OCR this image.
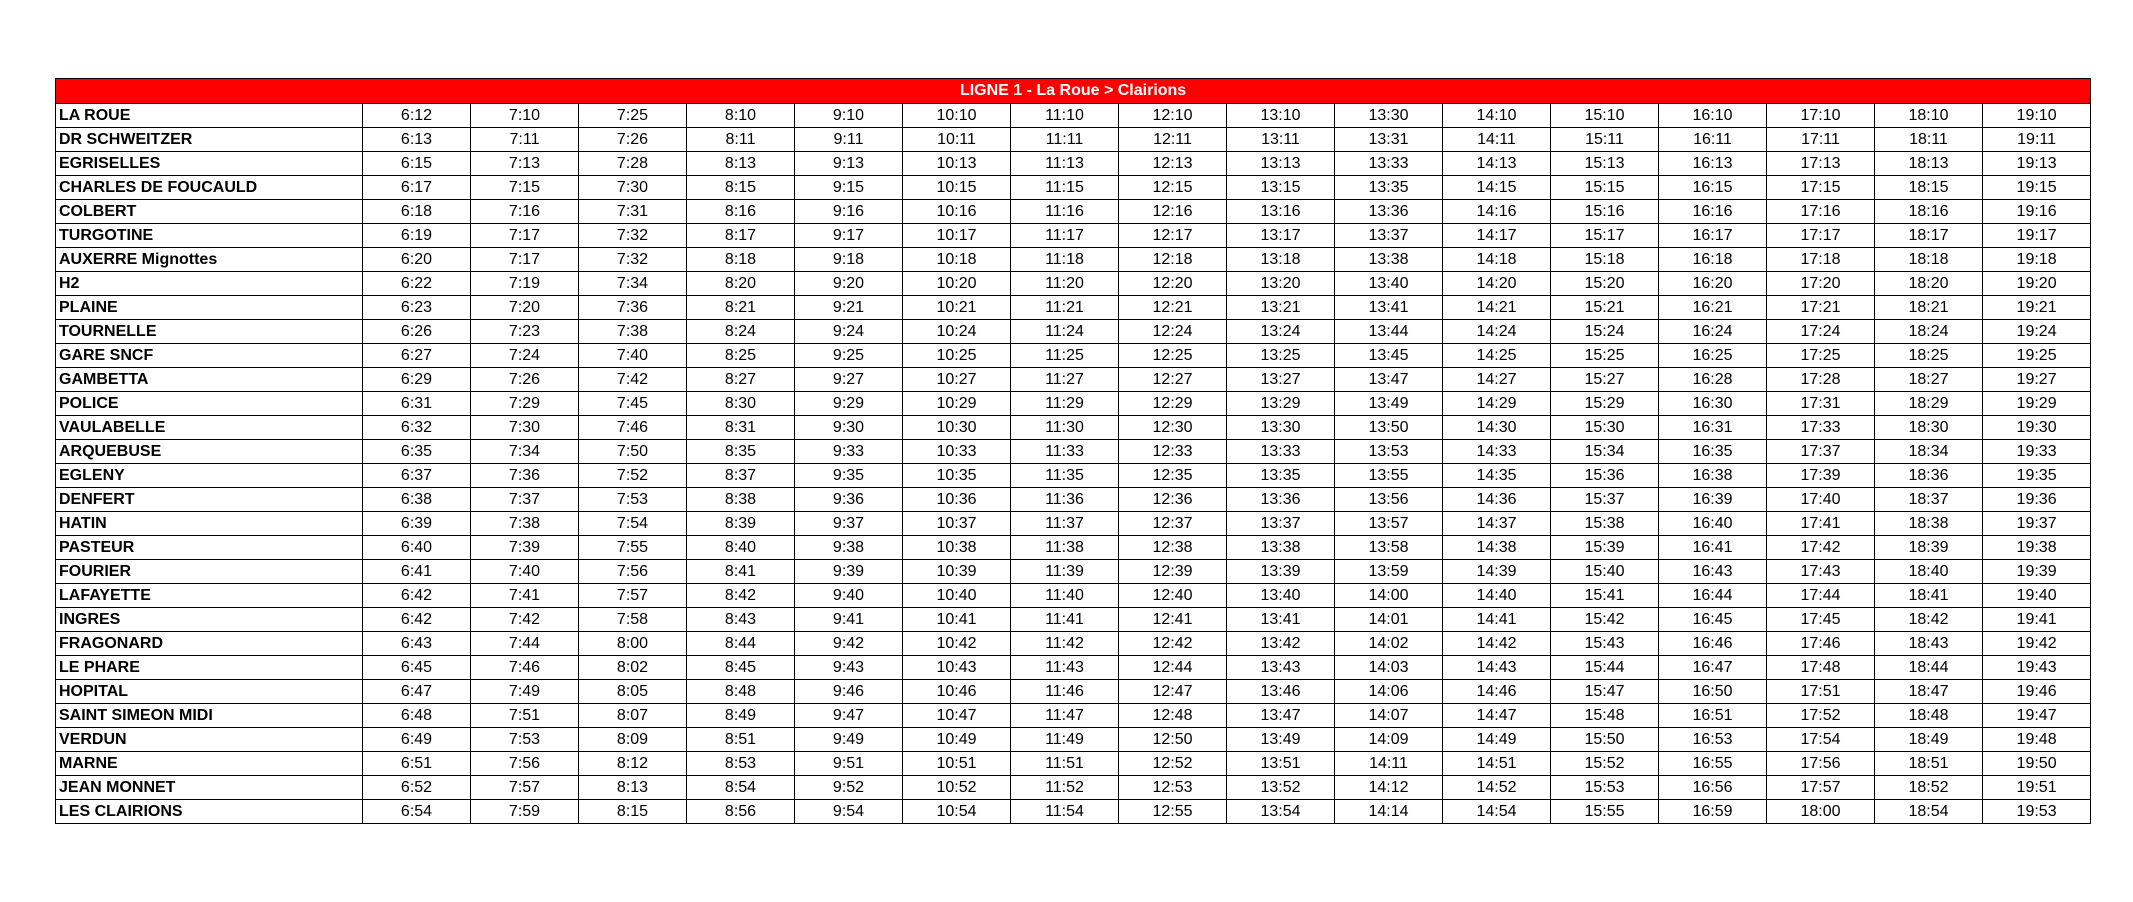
LIGNE 1 - La Roue > Clairions																
LA ROUE	6:12	7:10	7:25	8:10	9:10	10:10	11:10	12:10	13:10	13:30	14:10	15:10	16:10	17:10	18:10	19:10
DR SCHWEITZER	6:13	7:11	7:26	8:11	9:11	10:11	11:11	12:11	13:11	13:31	14:11	15:11	16:11	17:11	18:11	19:11
EGRISELLES	6:15	7:13	7:28	8:13	9:13	10:13	11:13	12:13	13:13	13:33	14:13	15:13	16:13	17:13	18:13	19:13
CHARLES DE FOUCAULD	6:17	7:15	7:30	8:15	9:15	10:15	11:15	12:15	13:15	13:35	14:15	15:15	16:15	17:15	18:15	19:15
COLBERT	6:18	7:16	7:31	8:16	9:16	10:16	11:16	12:16	13:16	13:36	14:16	15:16	16:16	17:16	18:16	19:16
TURGOTINE	6:19	7:17	7:32	8:17	9:17	10:17	11:17	12:17	13:17	13:37	14:17	15:17	16:17	17:17	18:17	19:17
AUXERRE Mignottes	6:20	7:17	7:32	8:18	9:18	10:18	11:18	12:18	13:18	13:38	14:18	15:18	16:18	17:18	18:18	19:18
H2	6:22	7:19	7:34	8:20	9:20	10:20	11:20	12:20	13:20	13:40	14:20	15:20	16:20	17:20	18:20	19:20
PLAINE	6:23	7:20	7:36	8:21	9:21	10:21	11:21	12:21	13:21	13:41	14:21	15:21	16:21	17:21	18:21	19:21
TOURNELLE	6:26	7:23	7:38	8:24	9:24	10:24	11:24	12:24	13:24	13:44	14:24	15:24	16:24	17:24	18:24	19:24
GARE SNCF	6:27	7:24	7:40	8:25	9:25	10:25	11:25	12:25	13:25	13:45	14:25	15:25	16:25	17:25	18:25	19:25
GAMBETTA	6:29	7:26	7:42	8:27	9:27	10:27	11:27	12:27	13:27	13:47	14:27	15:27	16:28	17:28	18:27	19:27
POLICE	6:31	7:29	7:45	8:30	9:29	10:29	11:29	12:29	13:29	13:49	14:29	15:29	16:30	17:31	18:29	19:29
VAULABELLE	6:32	7:30	7:46	8:31	9:30	10:30	11:30	12:30	13:30	13:50	14:30	15:30	16:31	17:33	18:30	19:30
ARQUEBUSE	6:35	7:34	7:50	8:35	9:33	10:33	11:33	12:33	13:33	13:53	14:33	15:34	16:35	17:37	18:34	19:33
EGLENY	6:37	7:36	7:52	8:37	9:35	10:35	11:35	12:35	13:35	13:55	14:35	15:36	16:38	17:39	18:36	19:35
DENFERT	6:38	7:37	7:53	8:38	9:36	10:36	11:36	12:36	13:36	13:56	14:36	15:37	16:39	17:40	18:37	19:36
HATIN	6:39	7:38	7:54	8:39	9:37	10:37	11:37	12:37	13:37	13:57	14:37	15:38	16:40	17:41	18:38	19:37
PASTEUR	6:40	7:39	7:55	8:40	9:38	10:38	11:38	12:38	13:38	13:58	14:38	15:39	16:41	17:42	18:39	19:38
FOURIER	6:41	7:40	7:56	8:41	9:39	10:39	11:39	12:39	13:39	13:59	14:39	15:40	16:43	17:43	18:40	19:39
LAFAYETTE	6:42	7:41	7:57	8:42	9:40	10:40	11:40	12:40	13:40	14:00	14:40	15:41	16:44	17:44	18:41	19:40
INGRES	6:42	7:42	7:58	8:43	9:41	10:41	11:41	12:41	13:41	14:01	14:41	15:42	16:45	17:45	18:42	19:41
FRAGONARD	6:43	7:44	8:00	8:44	9:42	10:42	11:42	12:42	13:42	14:02	14:42	15:43	16:46	17:46	18:43	19:42
LE PHARE	6:45	7:46	8:02	8:45	9:43	10:43	11:43	12:44	13:43	14:03	14:43	15:44	16:47	17:48	18:44	19:43
HOPITAL	6:47	7:49	8:05	8:48	9:46	10:46	11:46	12:47	13:46	14:06	14:46	15:47	16:50	17:51	18:47	19:46
SAINT SIMEON MIDI	6:48	7:51	8:07	8:49	9:47	10:47	11:47	12:48	13:47	14:07	14:47	15:48	16:51	17:52	18:48	19:47
VERDUN	6:49	7:53	8:09	8:51	9:49	10:49	11:49	12:50	13:49	14:09	14:49	15:50	16:53	17:54	18:49	19:48
MARNE	6:51	7:56	8:12	8:53	9:51	10:51	11:51	12:52	13:51	14:11	14:51	15:52	16:55	17:56	18:51	19:50
JEAN MONNET	6:52	7:57	8:13	8:54	9:52	10:52	11:52	12:53	13:52	14:12	14:52	15:53	16:56	17:57	18:52	19:51
LES CLAIRIONS	6:54	7:59	8:15	8:56	9:54	10:54	11:54	12:55	13:54	14:14	14:54	15:55	16:59	18:00	18:54	19:53
